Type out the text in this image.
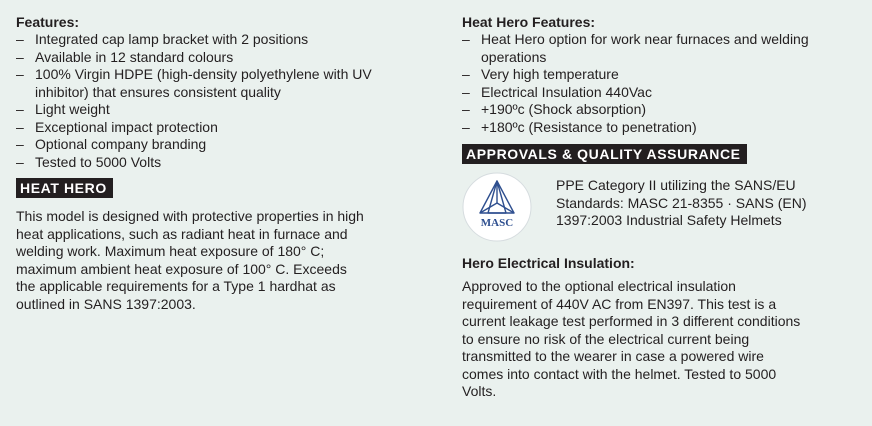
Features:

– Integrated cap lamp bracket with 2 positions
– Available in 12 standard colours
– 100% Virgin HDPE (high-density polyethylene with UV inhibitor) that ensures consistent quality
– Light weight
– Exceptional impact protection
– Optional company branding
– Tested to 5000 Volts
HEAT HERO

This model is designed with protective properties in high heat applications, such as radiant heat in furnace and welding work. Maximum heat exposure of 180° C; maximum ambient heat exposure of 100° C. Exceeds the applicable requirements for a Type 1 hardhat as outlined in SANS 1397:2003.

Heat Hero Features:

– Heat Hero option for work near furnaces and welding operations
– Very high temperature
– Electrical Insulation 440Vac
– +190ºc (Shock absorption)
– +180ºc (Resistance to penetration)
APPROVALS & QUALITY ASSURANCE
MASC
PPE Category II utilizing the SANS/EU Standards: MASC 21-8355 · SANS (EN) 1397:2003 Industrial Safety Helmets

Hero Electrical Insulation:

Approved to the optional electrical insulation requirement of 440V AC from EN397. This test is a current leakage test performed in 3 different conditions to ensure no risk of the electrical current being transmitted to the wearer in case a powered wire comes into contact with the helmet. Tested to 5000 Volts.
